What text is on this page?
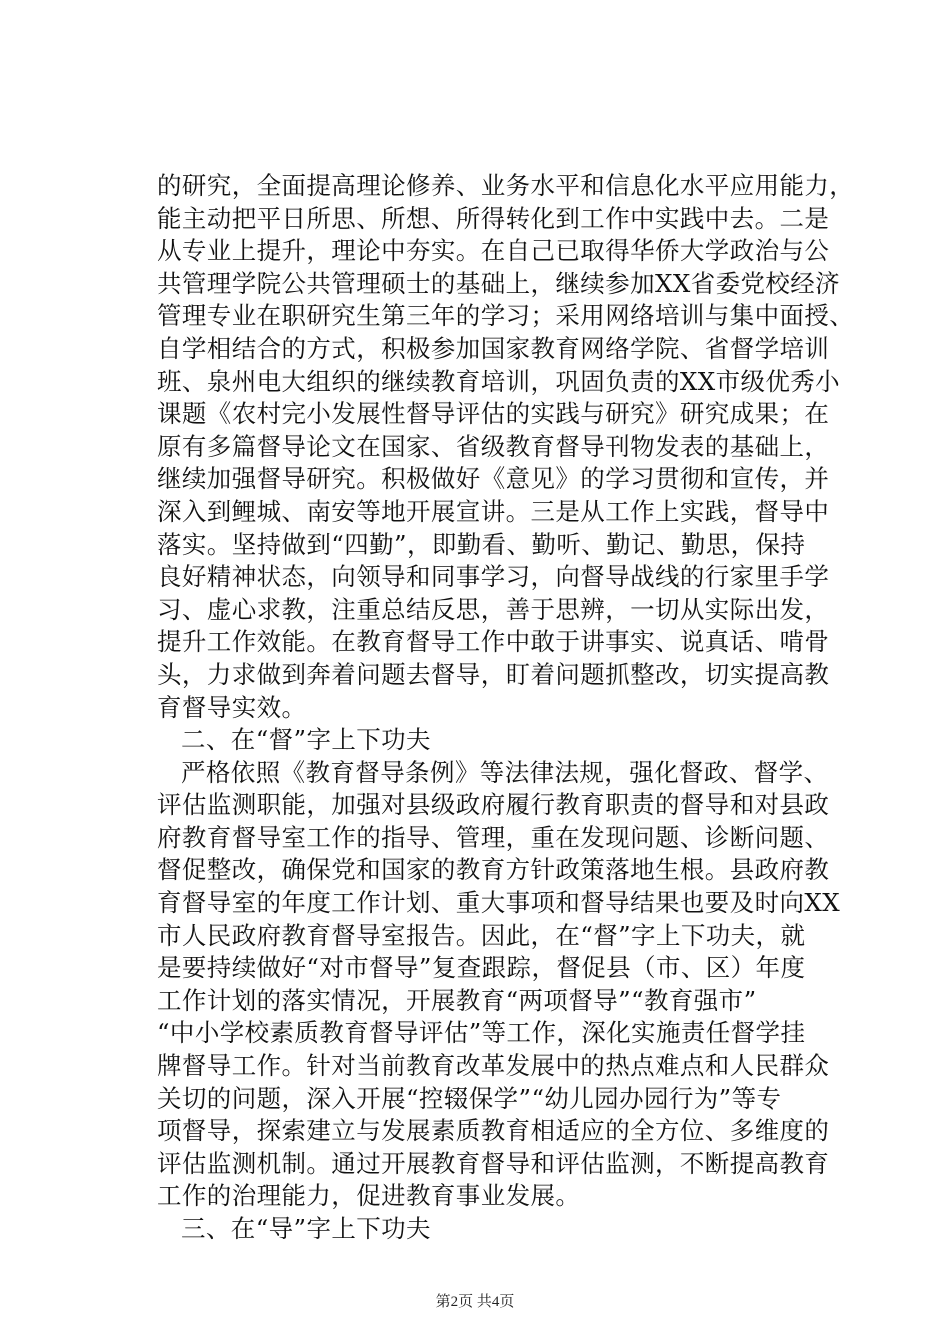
的研究，全面提高理论修养、业务水平和信息化水平应用能力，
能主动把平日所思、所想、所得转化到工作中实践中去。二是
从专业上提升，理论中夯实。在自己已取得华侨大学政治与公
共管理学院公共管理硕士的基础上，继续参加XX省委党校经济
管理专业在职研究生第三年的学习；采用网络培训与集中面授、
自学相结合的方式，积极参加国家教育网络学院、省督学培训
班、泉州电大组织的继续教育培训，巩固负责的XX市级优秀小
课题《农村完小发展性督导评估的实践与研究》研究成果；在
原有多篇督导论文在国家、省级教育督导刊物发表的基础上，
继续加强督导研究。积极做好《意见》的学习贯彻和宣传，并
深入到鲤城、南安等地开展宣讲。三是从工作上实践，督导中
落实。坚持做到“四勤”，即勤看、勤听、勤记、勤思，保持
良好精神状态，向领导和同事学习，向督导战线的行家里手学
习、虚心求教，注重总结反思，善于思辨，一切从实际出发，
提升工作效能。在教育督导工作中敢于讲事实、说真话、啃骨
头，力求做到奔着问题去督导，盯着问题抓整改，切实提高教
育督导实效。
二、在“督”字上下功夫
严格依照《教育督导条例》等法律法规，强化督政、督学、
评估监测职能，加强对县级政府履行教育职责的督导和对县政
府教育督导室工作的指导、管理，重在发现问题、诊断问题、
督促整改，确保党和国家的教育方针政策落地生根。县政府教
育督导室的年度工作计划、重大事项和督导结果也要及时向XX
市人民政府教育督导室报告。因此，在“督”字上下功夫，就
是要持续做好“对市督导”复查跟踪，督促县（市、区）年度
工作计划的落实情况，开展教育“两项督导”“教育强市”
“中小学校素质教育督导评估”等工作，深化实施责任督学挂
牌督导工作。针对当前教育改革发展中的热点难点和人民群众
关切的问题，深入开展“控辍保学”“幼儿园办园行为”等专
项督导，探索建立与发展素质教育相适应的全方位、多维度的
评估监测机制。通过开展教育督导和评估监测，不断提高教育
工作的治理能力，促进教育事业发展。
三、在“导”字上下功夫
第2页 共4页
